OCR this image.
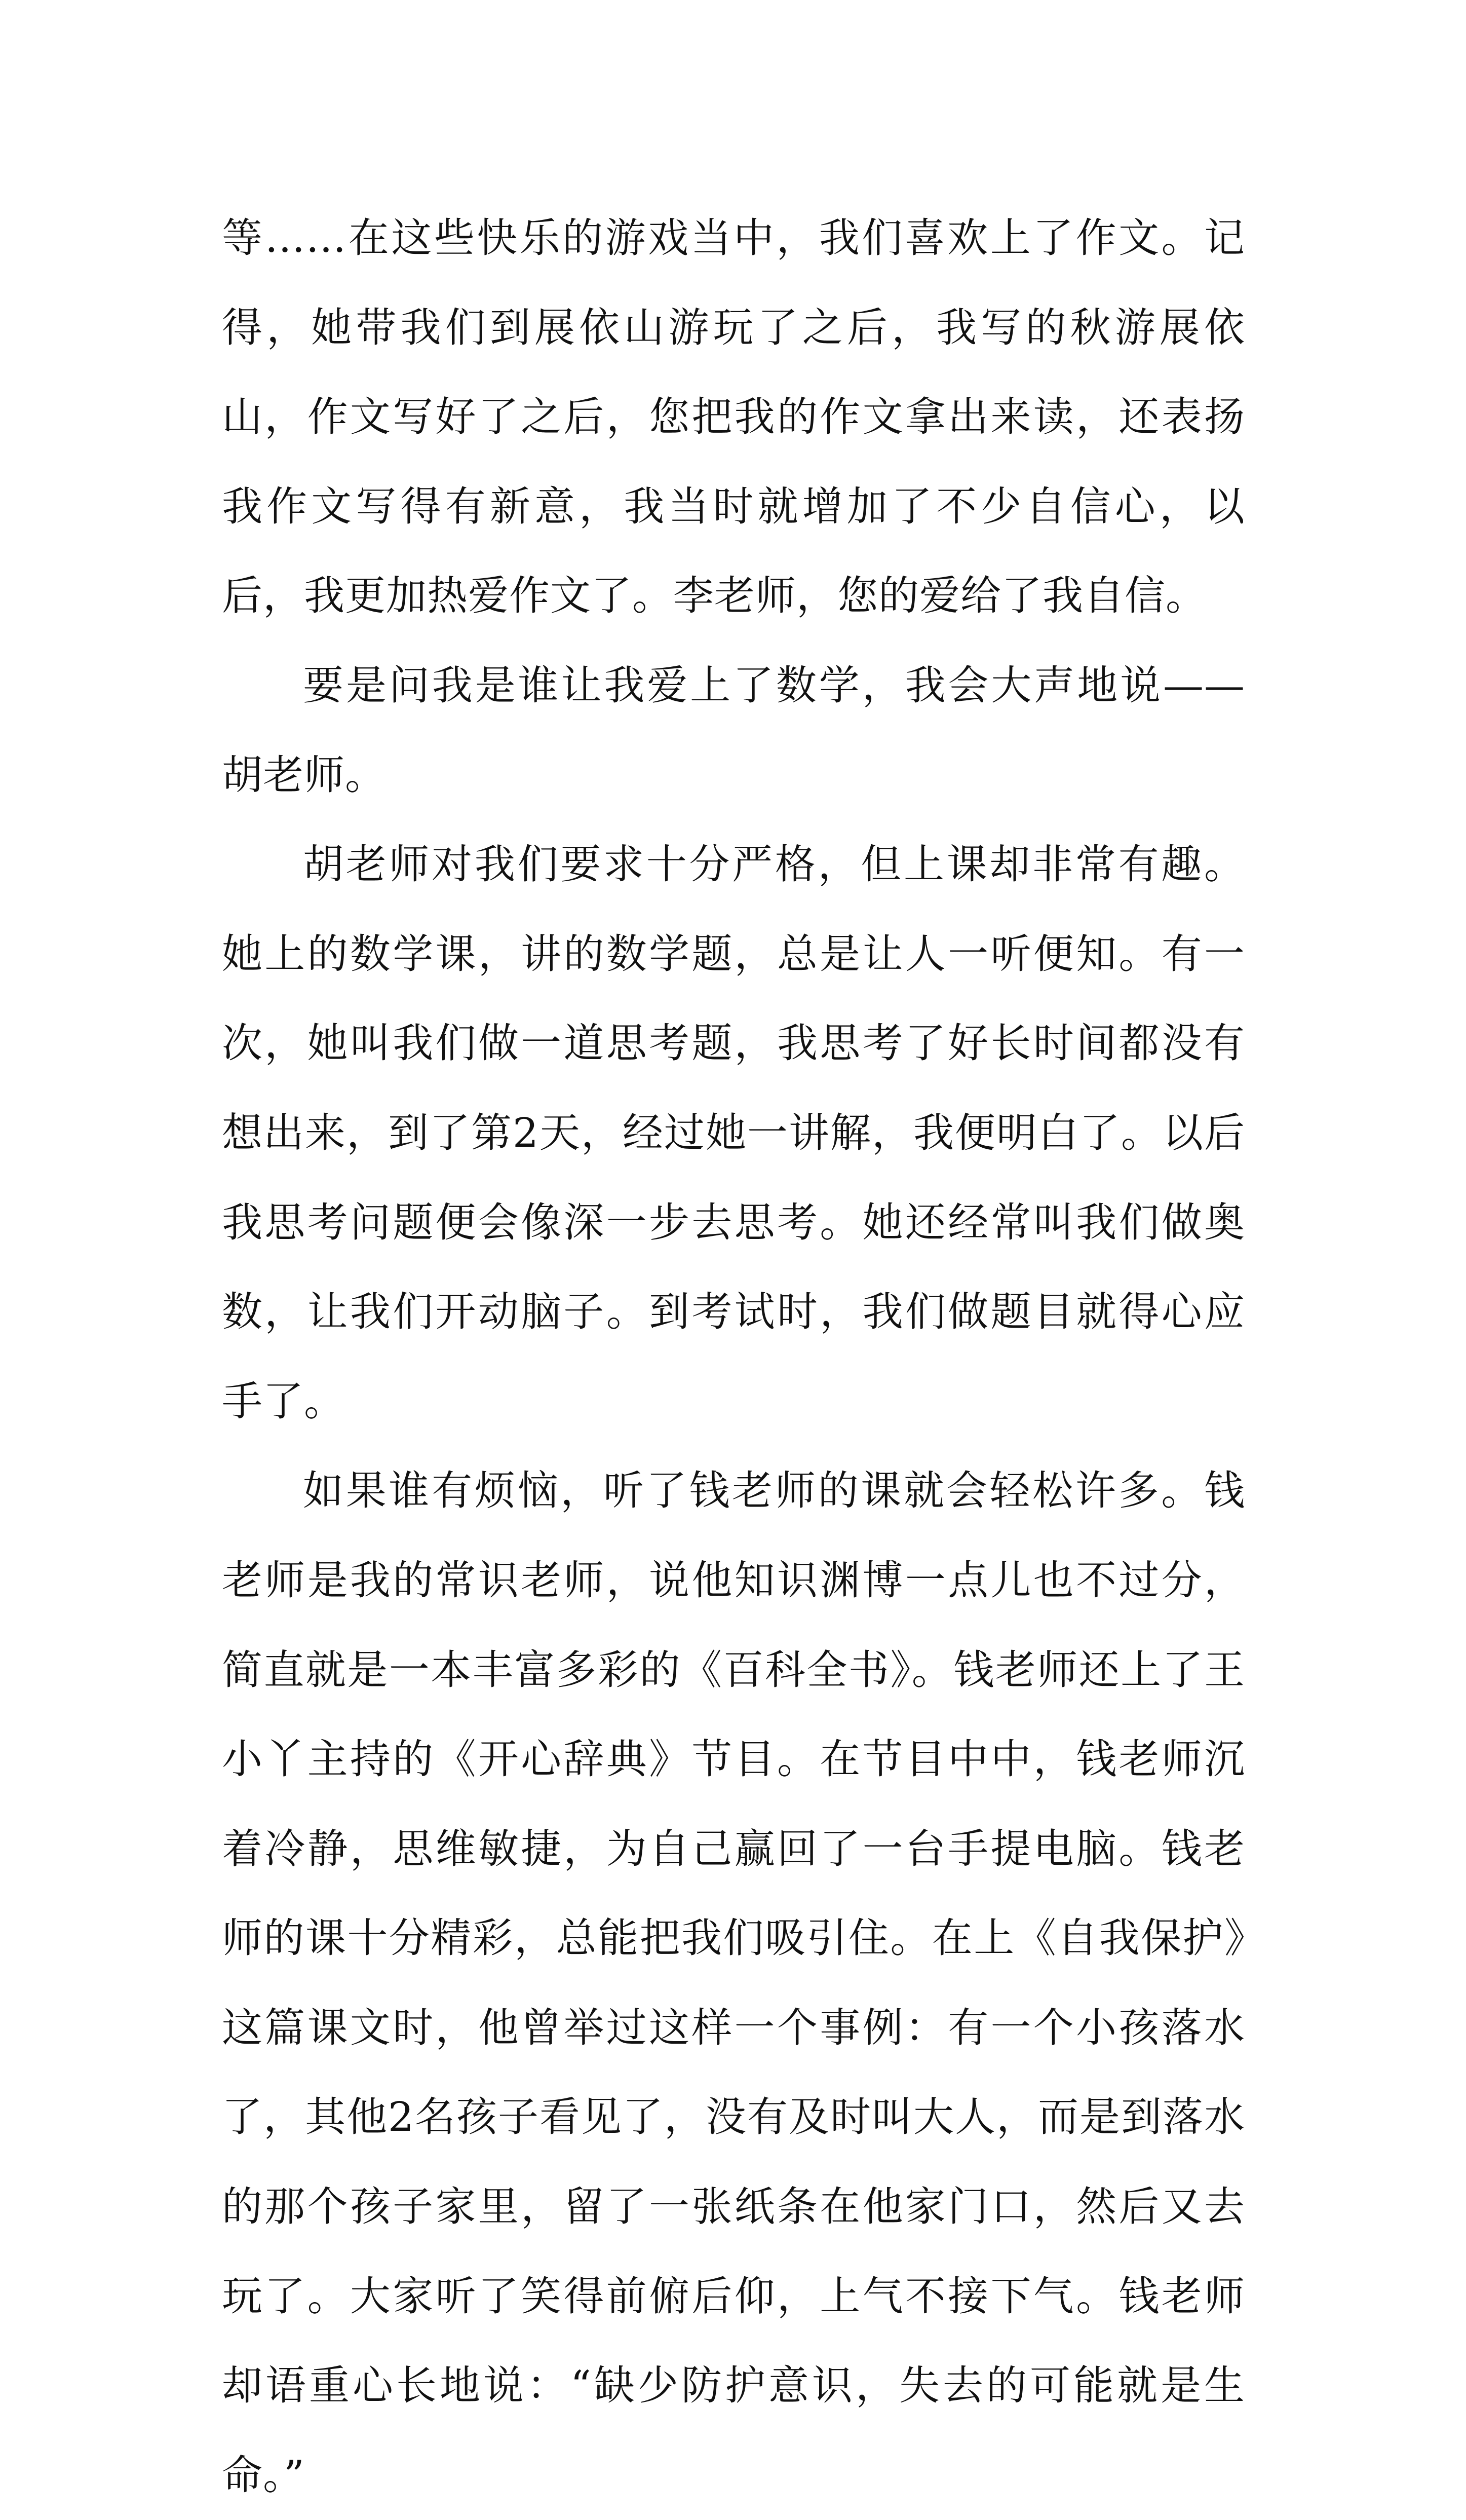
等……在这些快乐的游戏当中，我们喜欢上了作文。记得，她带我们到展依山游玩了之后，我写的秋游展依山，作文写好了之后，您把我的作文拿出来读，还表扬我作文写得有新意，我当时就增加了不少自信心，以后，我更加热爱作文了。李老师，您的爱给了我自信。

要是问我是谁让我爱上了数学，我会大声地说——胡老师。

胡老师对我们要求十分严格，但上课却非常有趣。她上的数学课，讲的数学题，总是让人一听便知。有一次，她叫我们做一道思考题，我思考了好长时间都没有想出来，到了第2天，经过她一讲解，我便明白了。以后我思考问题便会像深一步去思考。她还经常叫我们做奥数，让我们开动脑子。到考试时，我们做题目就得心应手了。

如果谁有烦恼，听了钱老师的课就会轻松许多。钱老师是我的常识老师，说他知识渊博一点儿也不过分，简直就是一本丰富多彩的《百科全书》。钱老师还上了王小丫主持的《开心辞典》节目。在节目中中，钱老师沉着冷静，思维敏捷，为自己赢回了一台手提电脑。钱老师的课十分精彩，总能把我们吸引住。在上《自我保护》这篇课文时，他曾举过这样一个事例：有一个小孩落水了，其他2名孩子看见了，没有及时叫大人，而是到落水的那个孩子家里，留了一张纸条在他家门口，然后又去玩了。大家听了笑得前俯后仰，上气不接下气。钱老师却语重心长地说：“缺少防护意识，失去的可能就是生命。”
